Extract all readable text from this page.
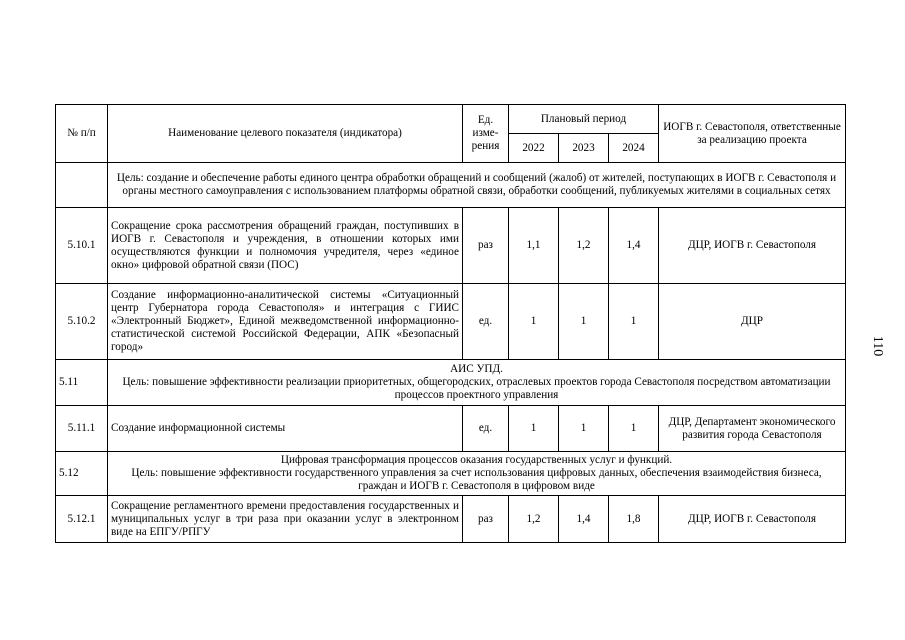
№ п/п	Наименование целевого показателя (индикатора)	Ед. изме-рения	Плановый период			ИОГВ г. Севастополя, ответственные за реализацию проекта
			2022	2023	2024	
	Цель: создание и обеспечение работы единого центра обработки обращений и сообщений (жалоб) от жителей, поступающих в ИОГВ г. Севастополя и органы местного самоуправления с использованием платформы обратной связи, обработки сообщений, публикуемых жителями в социальных сетях					
5.10.1	Сокращение срока рассмотрения обращений граждан, поступивших в ИОГВ г. Севастополя и учреждения, в отношении которых ими осуществляются функции и полномочия учредителя, через «единое окно» цифровой обратной связи (ПОС)	раз	1,1	1,2	1,4	ДЦР, ИОГВ г. Севастополя
5.10.2	Создание информационно-аналитической системы «Ситуационный центр Губернатора города Севастополя» и интеграция с ГИИС «Электронный Бюджет», Единой межведомственной информационно-статистической системой Российской Федерации, АПК «Безопасный город»	ед.	1	1	1	ДЦР
5.11	АИС УПД.
Цель: повышение эффективности реализации приоритетных, общегородских, отраслевых проектов города Севастополя посредством автоматизации процессов проектного управления					

5.11.1	Создание информационной системы	ед.	1	1	1	ДЦР, Департамент экономического развития города Севастополя
5.12	Цифровая трансформация процессов оказания государственных услуг и функций.
Цель: повышение эффективности государственного управления за счет использования цифровых данных, обеспечения взаимодействия бизнеса, граждан и ИОГВ г. Севастополя в цифровом виде					

5.12.1	Сокращение регламентного времени предоставления государственных и муниципальных услуг в три раза при оказании услуг в электронном виде на ЕПГУ/РПГУ	раз	1,2	1,4	1,8	ДЦР, ИОГВ г. Севастополя
110
